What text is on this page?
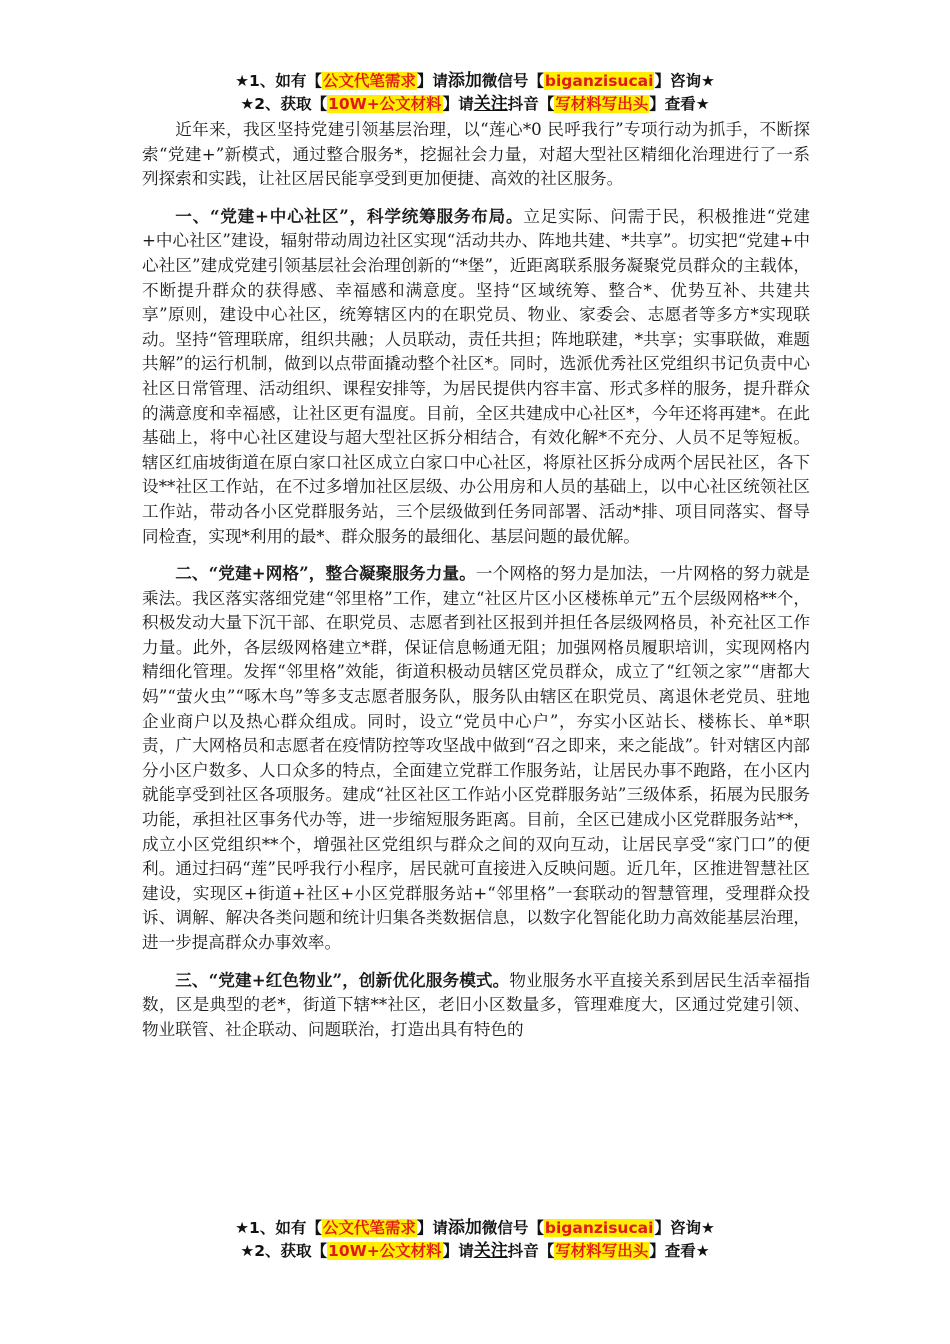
★1、如有【公文代笔需求】请添加微信号【biganzisucai】咨询★
★2、获取【10W+公文材料】请关注抖音【写材料写出头】查看★

近年来，我区坚持党建引领基层治理，以“莲心*0 民呼我行”专项行动为抓手，不断探索“党建+”新模式，通过整合服务*，挖掘社会力量，对超大型社区精细化治理进行了一系列探索和实践，让社区居民能享受到更加便捷、高效的社区服务。

一、“党建+中心社区”，科学统筹服务布局。立足实际、问需于民，积极推进“党建+中心社区”建设，辐射带动周边社区实现“活动共办、阵地共建、*共享”。切实把“党建+中心社区”建成党建引领基层社会治理创新的“*堡”，近距离联系服务凝聚党员群众的主载体，不断提升群众的获得感、幸福感和满意度。坚持“区域统筹、整合*、优势互补、共建共享”原则，建设中心社区，统筹辖区内的在职党员、物业、家委会、志愿者等多方*实现联动。坚持“管理联席，组织共融；人员联动，责任共担；阵地联建，*共享；实事联做，难题共解”的运行机制，做到以点带面撬动整个社区*。同时，选派优秀社区党组织书记负责中心社区日常管理、活动组织、课程安排等，为居民提供内容丰富、形式多样的服务，提升群众的满意度和幸福感，让社区更有温度。目前，全区共建成中心社区*，今年还将再建*。在此基础上，将中心社区建设与超大型社区拆分相结合，有效化解*不充分、人员不足等短板。辖区红庙坡街道在原白家口社区成立白家口中心社区，将原社区拆分成两个居民社区，各下设**社区工作站，在不过多增加社区层级、办公用房和人员的基础上，以中心社区统领社区工作站，带动各小区党群服务站，三个层级做到任务同部署、活动*排、项目同落实、督导同检查，实现*利用的最*、群众服务的最细化、基层问题的最优解。

二、“党建+网格”，整合凝聚服务力量。一个网格的努力是加法，一片网格的努力就是乘法。我区落实落细党建“邻里格”工作，建立“社区片区小区楼栋单元”五个层级网格**个，积极发动大量下沉干部、在职党员、志愿者到社区报到并担任各层级网格员，补充社区工作力量。此外，各层级网格建立*群，保证信息畅通无阻；加强网格员履职培训，实现网格内精细化管理。发挥“邻里格”效能，街道积极动员辖区党员群众，成立了“红领之家”“唐都大妈”“萤火虫”“啄木鸟”等多支志愿者服务队，服务队由辖区在职党员、离退休老党员、驻地企业商户以及热心群众组成。同时，设立“党员中心户”，夯实小区站长、楼栋长、单*职责，广大网格员和志愿者在疫情防控等攻坚战中做到“召之即来，来之能战”。针对辖区内部分小区户数多、人口众多的特点，全面建立党群工作服务站，让居民办事不跑路，在小区内就能享受到社区各项服务。建成“社区社区工作站小区党群服务站”三级体系，拓展为民服务功能，承担社区事务代办等，进一步缩短服务距离。目前，全区已建成小区党群服务站**，成立小区党组织**个，增强社区党组织与群众之间的双向互动，让居民享受“家门口”的便利。通过扫码“莲”民呼我行小程序，居民就可直接进入反映问题。近几年，区推进智慧社区建设，实现区+街道+社区+小区党群服务站+“邻里格”一套联动的智慧管理，受理群众投诉、调解、解决各类问题和统计归集各类数据信息，以数字化智能化助力高效能基层治理，进一步提高群众办事效率。

三、“党建+红色物业”，创新优化服务模式。物业服务水平直接关系到居民生活幸福指数，区是典型的老*，街道下辖**社区，老旧小区数量多，管理难度大，区通过党建引领、物业联管、社企联动、问题联治，打造出具有特色的

★1、如有【公文代笔需求】请添加微信号【biganzisucai】咨询★
★2、获取【10W+公文材料】请关注抖音【写材料写出头】查看★
